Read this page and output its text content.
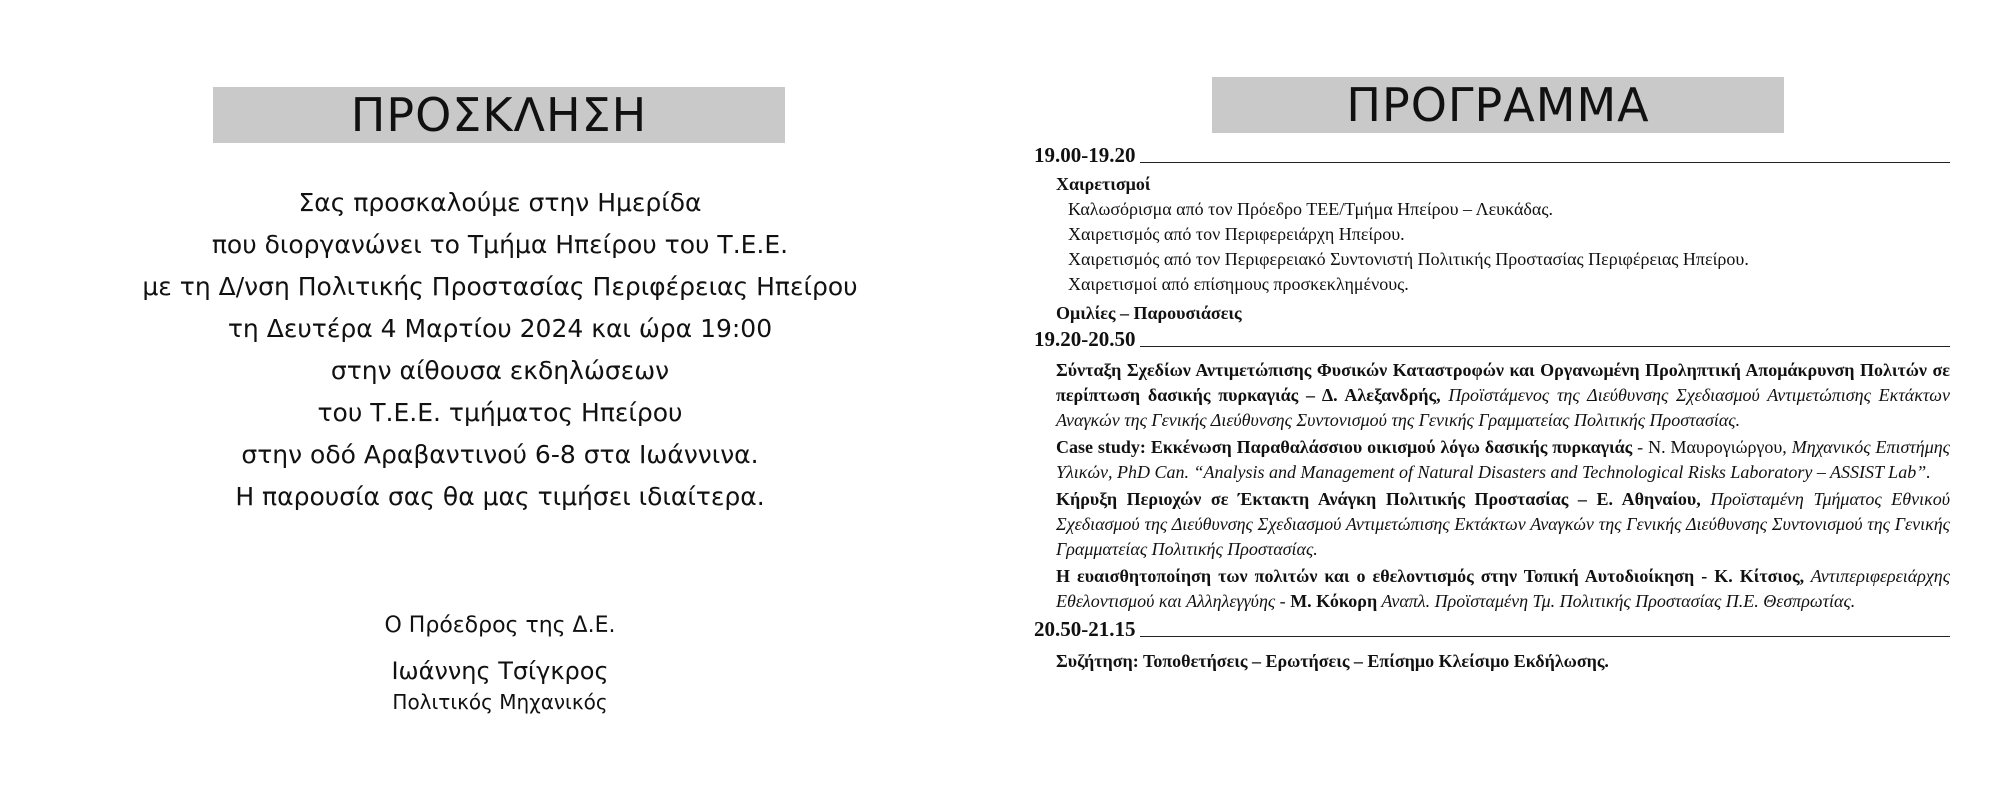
ΠΡΟΣΚΛΗΣΗ
Σας προσκαλούμε στην Ημερίδα
που διοργανώνει το Τμήμα Ηπείρου του Τ.Ε.Ε.
με τη Δ/νση Πολιτικής Προστασίας Περιφέρειας Ηπείρου
τη Δευτέρα 4 Μαρτίου 2024 και ώρα 19:00
στην αίθουσα εκδηλώσεων
του Τ.Ε.Ε. τμήματος Ηπείρου
στην οδό Αραβαντινού 6-8 στα Ιωάννινα.
Η παρουσία σας θα μας τιμήσει ιδιαίτερα.
Ο Πρόεδρος της Δ.Ε.
Ιωάννης Τσίγκρος
Πολιτικός Μηχανικός
ΠΡΟΓΡΑΜΜΑ
19.00-19.20
Χαιρετισμοί
Καλωσόρισμα από τον Πρόεδρο ΤΕΕ/Τμήμα Ηπείρου – Λευκάδας.
Χαιρετισμός από τον Περιφερειάρχη Ηπείρου.
Χαιρετισμός από τον Περιφερειακό Συντονιστή Πολιτικής Προστασίας Περιφέρειας Ηπείρου.
Χαιρετισμοί από επίσημους προσκεκλημένους.
Ομιλίες – Παρουσιάσεις
19.20-20.50
Σύνταξη Σχεδίων Αντιμετώπισης Φυσικών Καταστροφών και Οργανωμένη Προληπτική Απομάκρυνση Πολιτών σε περίπτωση δασικής πυρκαγιάς – Δ. Αλεξανδρής, Προϊστάμενος της Διεύθυνσης Σχεδιασμού Αντιμετώπισης Εκτάκτων Αναγκών της Γενικής Διεύθυνσης Συντονισμού της Γενικής Γραμματείας Πολιτικής Προστασίας.
Case study: Εκκένωση Παραθαλάσσιου οικισμού λόγω δασικής πυρκαγιάς - Ν. Μαυρογιώργου, Μηχανικός Επιστήμης Υλικών, PhD Can. “Analysis and Management of Natural Disasters and Technological Risks Laboratory – ASSIST Lab”.
Κήρυξη Περιοχών σε Έκτακτη Ανάγκη Πολιτικής Προστασίας – Ε. Αθηναίου, Προϊσταμένη Τμήματος Εθνικού Σχεδιασμού της Διεύθυνσης Σχεδιασμού Αντιμετώπισης Εκτάκτων Αναγκών της Γενικής Διεύθυνσης Συντονισμού της Γενικής Γραμματείας Πολιτικής Προστασίας.
Η ευαισθητοποίηση των πολιτών και ο εθελοντισμός στην Τοπική Αυτοδιοίκηση - Κ. Κίτσιος, Αντιπεριφερειάρχης Εθελοντισμού και Αλληλεγγύης - Μ. Κόκορη Αναπλ. Προϊσταμένη Τμ. Πολιτικής Προστασίας Π.Ε. Θεσπρωτίας.
20.50-21.15
Συζήτηση: Τοποθετήσεις – Ερωτήσεις – Επίσημο Κλείσιμο Εκδήλωσης.
